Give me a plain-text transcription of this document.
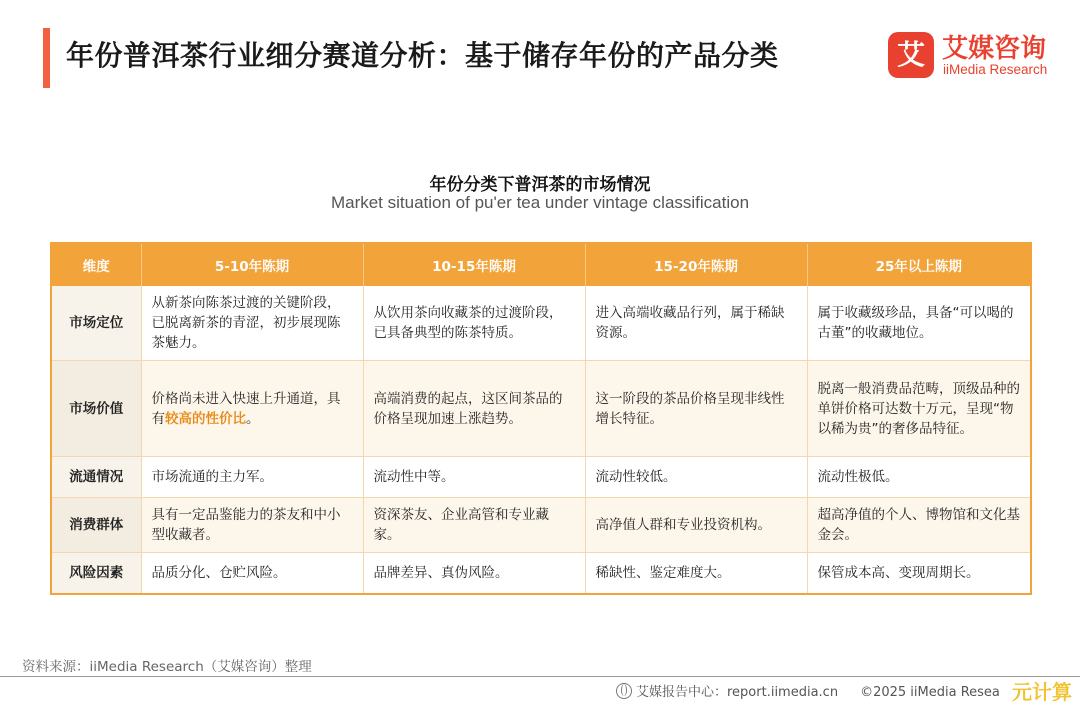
年份普洱茶行业细分赛道分析：基于储存年份的产品分类	艾 艾媒咨询
iiMedia Research
年份分类下普洱茶的市场情况
Market situation of pu'er tea under vintage classification
维度	5-10年陈期	10-15年陈期	15-20年陈期	25年以上陈期
市场定位	从新茶向陈茶过渡的关键阶段，已脱离新茶的青涩，初步展现陈茶魅力。	从饮用茶向收藏茶的过渡阶段，已具备典型的陈茶特质。	进入高端收藏品行列，属于稀缺资源。	属于收藏级珍品，具备“可以喝的古董”的收藏地位。
市场价值	价格尚未进入快速上升通道，具有较高的性价比。	高端消费的起点，这区间茶品的价格呈现加速上涨趋势。	这一阶段的茶品价格呈现非线性增长特征。	脱离一般消费品范畴，顶级品种的单饼价格可达数十万元，呈现“物以稀为贵”的奢侈品特征。
流通情况	市场流通的主力军。	流动性中等。	流动性较低。	流动性极低。
消费群体	具有一定品鉴能力的茶友和中小型收藏者。	资深茶友、企业高管和专业藏家。	高净值人群和专业投资机构。	超高净值的个人、博物馆和文化基金会。
风险因素	品质分化、仓贮风险。	品牌差异、真伪风险。	稀缺性、鉴定难度大。	保管成本高、变现周期长。
资料来源：iiMedia Research（艾媒咨询）整理
艾媒报告中心：report.iimedia.cn ©2025 iiMedia Resea 元计算
